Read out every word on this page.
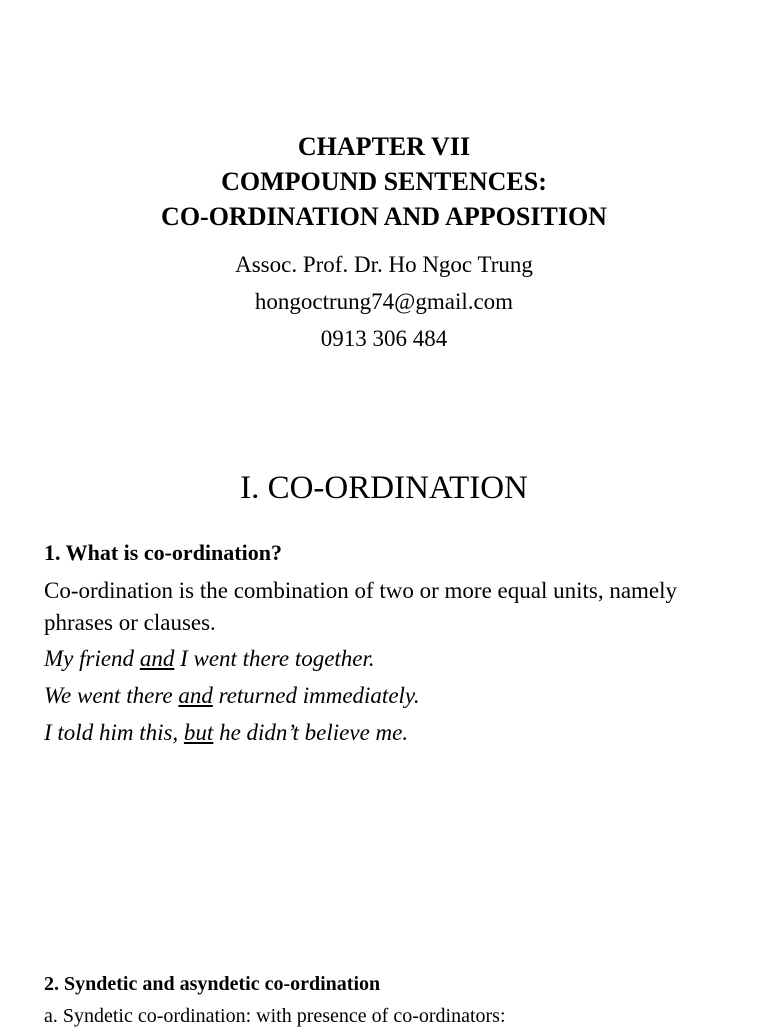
CHAPTER VII
COMPOUND SENTENCES:
CO-ORDINATION AND APPOSITION
Assoc. Prof. Dr. Ho Ngoc Trung
hongoctrung74@gmail.com
0913 306 484
I. CO-ORDINATION
1. What is co-ordination?
Co-ordination is the combination of two or more equal units, namely phrases or clauses.
My friend and I went there together.
We went there and returned immediately.
I told him this, but he didn’t believe me.
2. Syndetic and asyndetic co-ordination
a. Syndetic co-ordination: with presence of co-ordinators:
